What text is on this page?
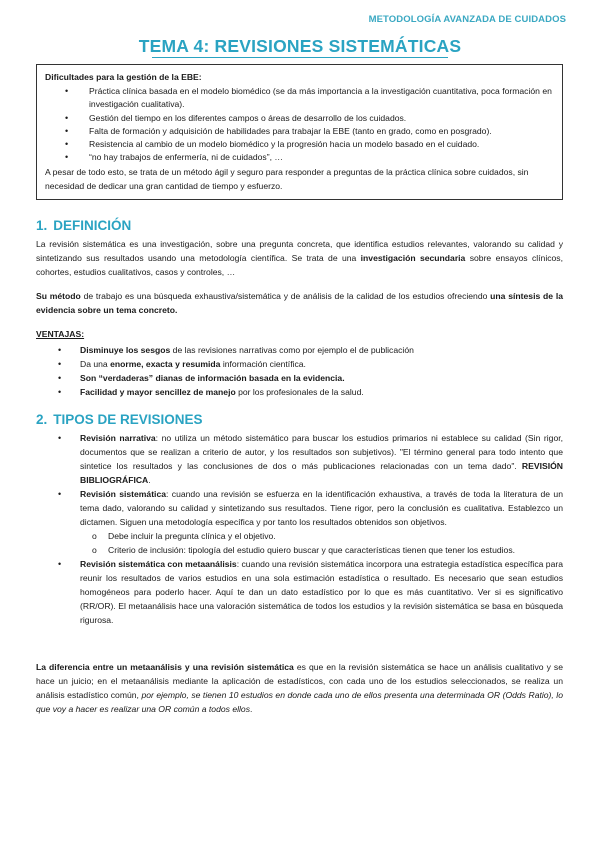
METODOLOGÍA AVANZADA DE CUIDADOS
TEMA 4: REVISIONES SISTEMÁTICAS
Dificultades para la gestión de la EBE:
• Práctica clínica basada en el modelo biomédico (se da más importancia a la investigación cuantitativa, poca formación en investigación cualitativa).
• Gestión del tiempo en los diferentes campos o áreas de desarrollo de los cuidados.
• Falta de formación y adquisición de habilidades para trabajar la EBE (tanto en grado, como en posgrado).
• Resistencia al cambio de un modelo biomédico y la progresión hacia un modelo basado en el cuidado.
• “no hay trabajos de enfermería, ni de cuidados”, …

A pesar de todo esto, se trata de un método ágil y seguro para responder a preguntas de la práctica clínica sobre cuidados, sin necesidad de dedicar una gran cantidad de tiempo y esfuerzo.

1. DEFINICIÓN

La revisión sistemática es una investigación, sobre una pregunta concreta, que identifica estudios relevantes, valorando su calidad y sintetizando sus resultados usando una metodología científica. Se trata de una investigación secundaria sobre ensayos clínicos, cohortes, estudios cualitativos, casos y controles, …

Su método de trabajo es una búsqueda exhaustiva/sistemática y de análisis de la calidad de los estudios ofreciendo una síntesis de la evidencia sobre un tema concreto.

VENTAJAS:
• Disminuye los sesgos de las revisiones narrativas como por ejemplo el de publicación
• Da una enorme, exacta y resumida información científica.
• Son “verdaderas” dianas de información basada en la evidencia.
• Facilidad y mayor sencillez de manejo por los profesionales de la salud.
2. TIPOS DE REVISIONES
• Revisión narrativa: no utiliza un método sistemático para buscar los estudios primarios ni establece su calidad (Sin rigor, documentos que se realizan a criterio de autor, y los resultados son subjetivos). "El término general para todo intento que sintetice los resultados y las conclusiones de dos o más publicaciones relacionadas con un tema dado". REVISIÓN BIBLIOGRÁFICA.
• Revisión sistemática: cuando una revisión se esfuerza en la identificación exhaustiva, a través de toda la literatura de un tema dado, valorando su calidad y sintetizando sus resultados. Tiene rigor, pero la conclusión es cualitativa. Establezco un dictamen. Siguen una metodología específica y por tanto los resultados obtenidos son objetivos.
o Debe incluir la pregunta clínica y el objetivo.
o Criterio de inclusión: tipología del estudio quiero buscar y que características tienen que tener los estudios.
• Revisión sistemática con metaanálisis: cuando una revisión sistemática incorpora una estrategia estadística específica para reunir los resultados de varios estudios en una sola estimación estadística o resultado. Es necesario que sean estudios homogéneos para poderlo hacer. Aquí te dan un dato estadístico por lo que es más cuantitativo. Ver si es significativo (RR/OR). El metaanálisis hace una valoración sistemática de todos los estudios y la revisión sistemática se basa en búsqueda rigurosa.

La diferencia entre un metaanálisis y una revisión sistemática es que en la revisión sistemática se hace un análisis cualitativo y se hace un juicio; en el metaanálisis mediante la aplicación de estadísticos, con cada uno de los estudios seleccionados, se realiza un análisis estadístico común, por ejemplo, se tienen 10 estudios en donde cada uno de ellos presenta una determinada OR (Odds Ratio), lo que voy a hacer es realizar una OR común a todos ellos.
